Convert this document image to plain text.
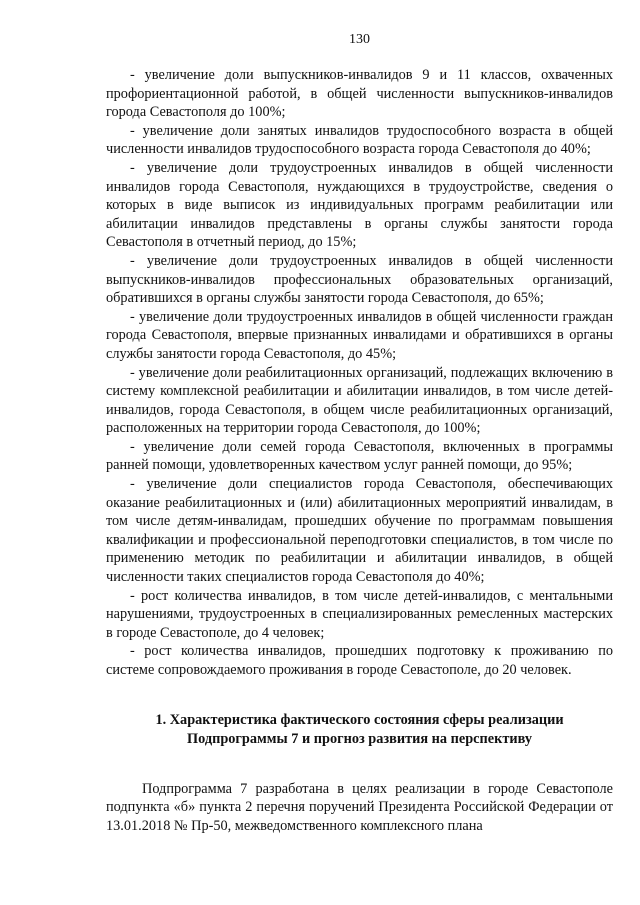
130

- увеличение доли выпускников-инвалидов 9 и 11 классов, охваченных профориентационной работой, в общей численности выпускников-инвалидов города Севастополя до 100%;

- увеличение доли занятых инвалидов трудоспособного возраста в общей численности инвалидов трудоспособного возраста города Севастополя до 40%;

- увеличение доли трудоустроенных инвалидов в общей численности инвалидов города Севастополя, нуждающихся в трудоустройстве, сведения о которых в виде выписок из индивидуальных программ реабилитации или абилитации инвалидов представлены в органы службы занятости города Севастополя в отчетный период, до 15%;

- увеличение доли трудоустроенных инвалидов в общей численности выпускников-инвалидов профессиональных образовательных организаций, обратившихся в органы службы занятости города Севастополя, до 65%;

- увеличение доли трудоустроенных инвалидов в общей численности граждан города Севастополя, впервые признанных инвалидами и обратившихся в органы службы занятости города Севастополя, до 45%;

- увеличение доли реабилитационных организаций, подлежащих включению в систему комплексной реабилитации и абилитации инвалидов, в том числе детей-инвалидов, города Севастополя, в общем числе реабилитационных организаций, расположенных на территории города Севастополя, до 100%;

- увеличение доли семей города Севастополя, включенных в программы ранней помощи, удовлетворенных качеством услуг ранней помощи, до 95%;

- увеличение доли специалистов города Севастополя, обеспечивающих оказание реабилитационных и (или) абилитационных мероприятий инвалидам, в том числе детям-инвалидам, прошедших обучение по программам повышения квалификации и профессиональной переподготовки специалистов, в том числе по применению методик по реабилитации и абилитации инвалидов, в общей численности таких специалистов города Севастополя до 40%;

- рост количества инвалидов, в том числе детей-инвалидов, с ментальными нарушениями, трудоустроенных в специализированных ремесленных мастерских в городе Севастополе, до 4 человек;

- рост количества инвалидов, прошедших подготовку к проживанию по системе сопровождаемого проживания в городе Севастополе, до 20 человек.

1. Характеристика фактического состояния сферы реализации
Подпрограммы 7 и прогноз развития на перспективу

Подпрограмма 7 разработана в целях реализации в городе Севастополе подпункта «б» пункта 2 перечня поручений Президента Российской Федерации от 13.01.2018 № Пр-50, межведомственного комплексного плана
